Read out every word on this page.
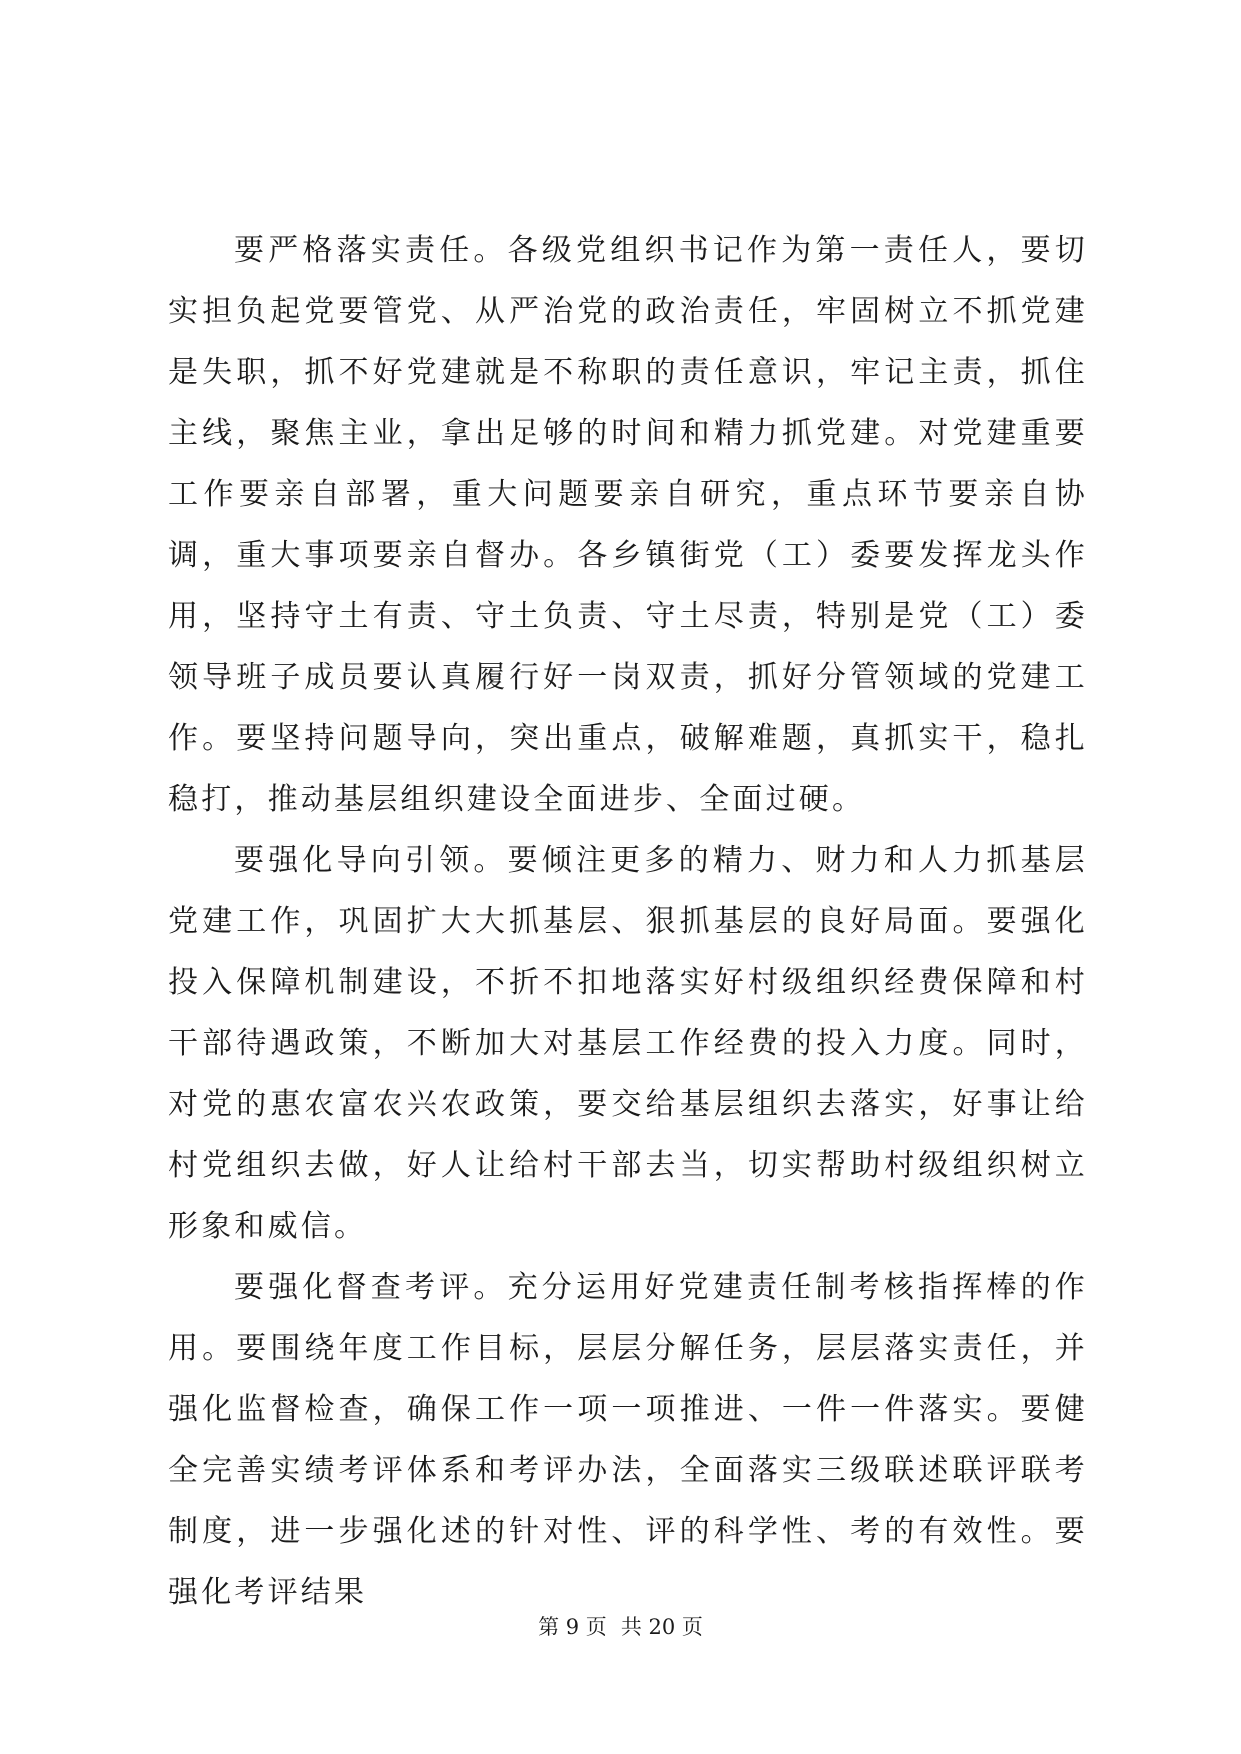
要严格落实责任。各级党组织书记作为第一责任人，要切实担负起党要管党、从严治党的政治责任，牢固树立不抓党建是失职，抓不好党建就是不称职的责任意识，牢记主责，抓住主线，聚焦主业，拿出足够的时间和精力抓党建。对党建重要工作要亲自部署，重大问题要亲自研究，重点环节要亲自协调，重大事项要亲自督办。各乡镇街党（工）委要发挥龙头作用，坚持守土有责、守土负责、守土尽责，特别是党（工）委领导班子成员要认真履行好一岗双责，抓好分管领域的党建工作。要坚持问题导向，突出重点，破解难题，真抓实干，稳扎稳打，推动基层组织建设全面进步、全面过硬。

要强化导向引领。要倾注更多的精力、财力和人力抓基层党建工作，巩固扩大大抓基层、狠抓基层的良好局面。要强化投入保障机制建设，不折不扣地落实好村级组织经费保障和村干部待遇政策，不断加大对基层工作经费的投入力度。同时，对党的惠农富农兴农政策，要交给基层组织去落实，好事让给村党组织去做，好人让给村干部去当，切实帮助村级组织树立形象和威信。

要强化督查考评。充分运用好党建责任制考核指挥棒的作用。要围绕年度工作目标，层层分解任务，层层落实责任，并强化监督检查，确保工作一项一项推进、一件一件落实。要健全完善实绩考评体系和考评办法，全面落实三级联述联评联考制度，进一步强化述的针对性、评的科学性、考的有效性。要强化考评结果

第 9 页 共 20 页
